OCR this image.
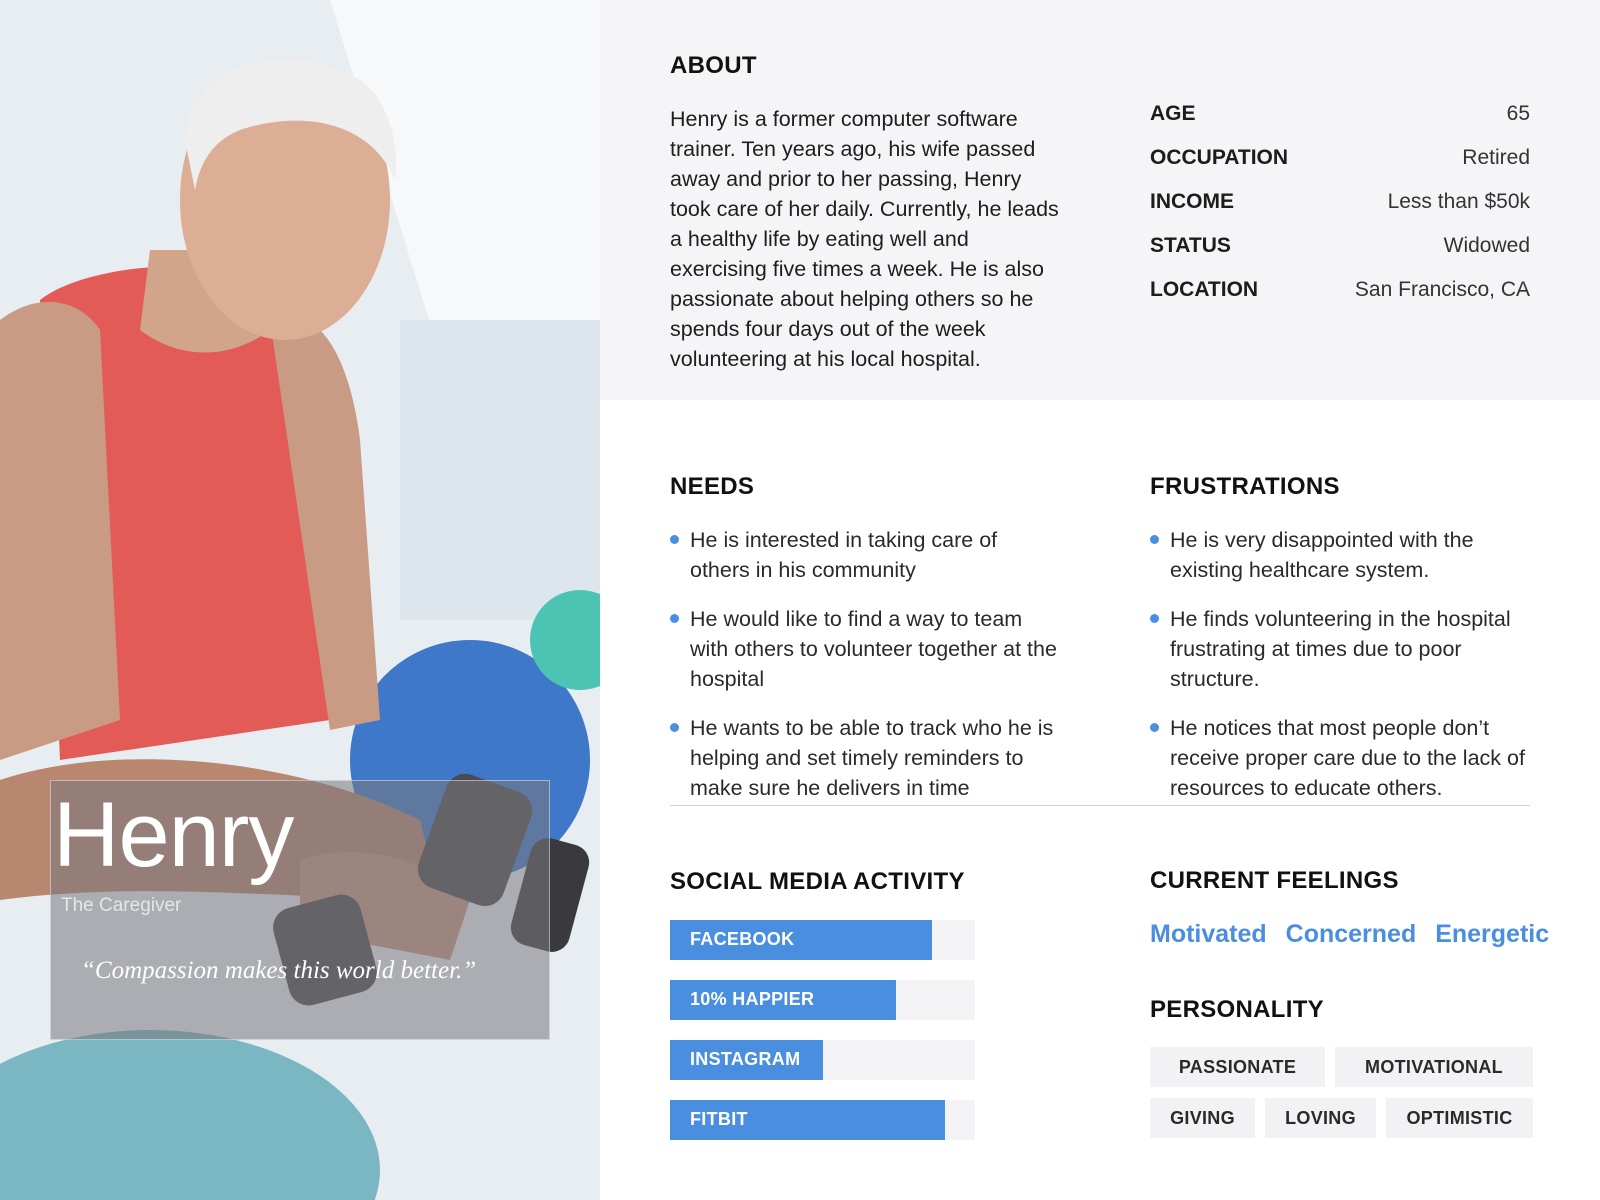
Henry
The Caregiver
“Compassion makes this world better.”
ABOUT
Henry is a former computer software trainer. Ten years ago, his wife passed away and prior to her passing, Henry took care of her daily. Currently, he leads a healthy life by eating well and exercising five times a week. He is also passionate about helping others so he spends four days out of the week volunteering at his local hospital.
AGE	65
OCCUPATION	Retired
INCOME	Less than $50k
STATUS	Widowed
LOCATION	San Francisco, CA
NEEDS
He is interested in taking care of others in his community
He would like to find a way to team with others to volunteer together at the hospital
He wants to be able to track who he is helping and set timely reminders to make sure he delivers in time
FRUSTRATIONS
He is very disappointed with the existing healthcare system.
He finds volunteering in the hospital frustrating at times due to poor structure.
He notices that most people don’t receive proper care due to the lack of resources to educate others.
SOCIAL MEDIA ACTIVITY
FACEBOOK
10% HAPPIER
INSTAGRAM
FITBIT
CURRENT FEELINGS
Motivated Concerned Energetic
PERSONALITY
PASSIONATE	MOTIVATIONAL
GIVING	LOVING	OPTIMISTIC
